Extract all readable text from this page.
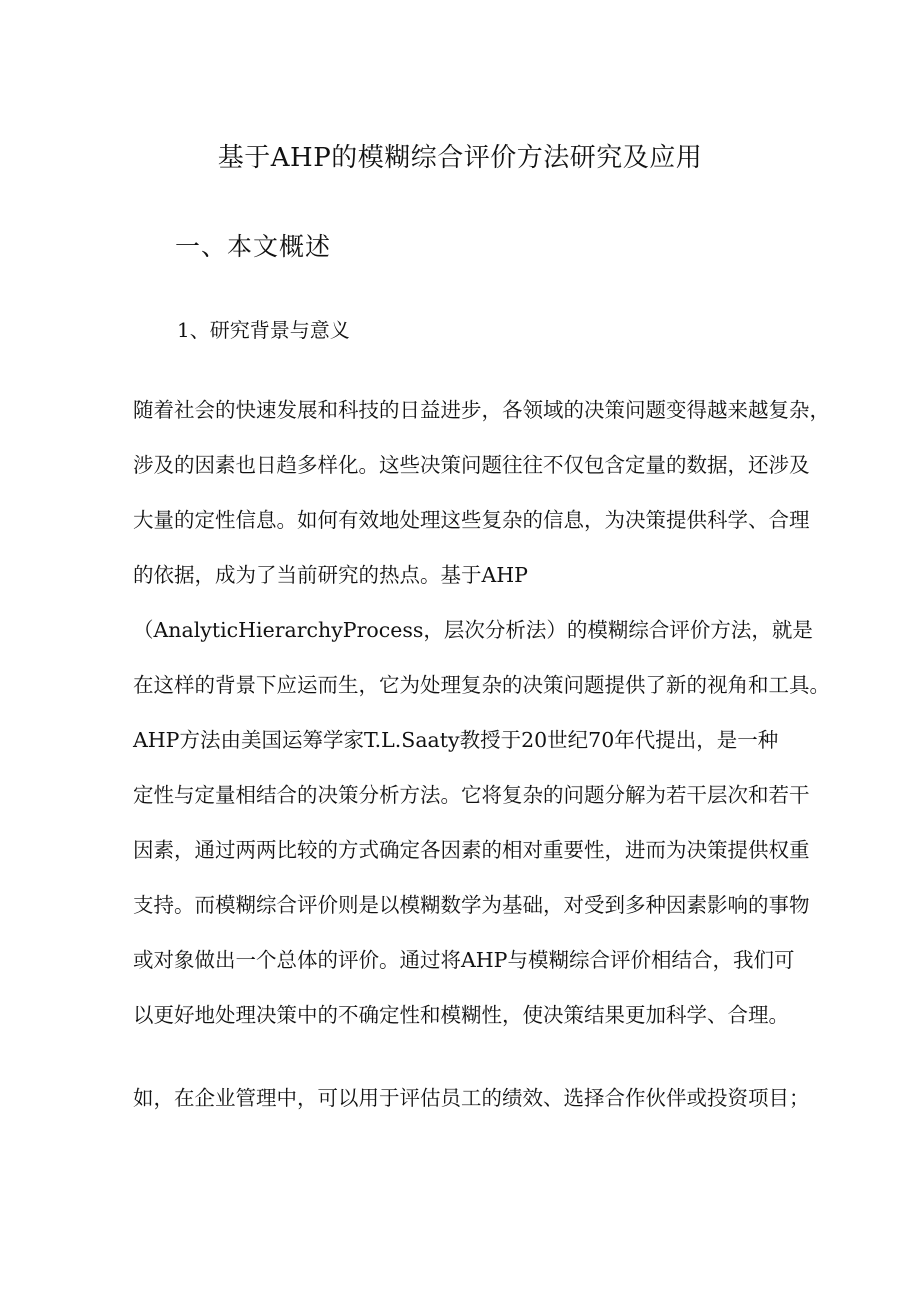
基于AHP的模糊综合评价方法研究及应用
一、本文概述
1、研究背景与意义
随着社会的快速发展和科技的日益进步，各领域的决策问题变得越来越复杂，
涉及的因素也日趋多样化。这些决策问题往往不仅包含定量的数据，还涉及
大量的定性信息。如何有效地处理这些复杂的信息，为决策提供科学、合理
的依据，成为了当前研究的热点。基于AHP
（AnalyticHierarchyProcess，层次分析法）的模糊综合评价方法，就是
在这样的背景下应运而生，它为处理复杂的决策问题提供了新的视角和工具。
AHP方法由美国运筹学家T.L.Saaty教授于20世纪70年代提出，是一种
定性与定量相结合的决策分析方法。它将复杂的问题分解为若干层次和若干
因素，通过两两比较的方式确定各因素的相对重要性，进而为决策提供权重
支持。而模糊综合评价则是以模糊数学为基础，对受到多种因素影响的事物
或对象做出一个总体的评价。通过将AHP与模糊综合评价相结合，我们可
以更好地处理决策中的不确定性和模糊性，使决策结果更加科学、合理。
如，在企业管理中，可以用于评估员工的绩效、选择合作伙伴或投资项目；
